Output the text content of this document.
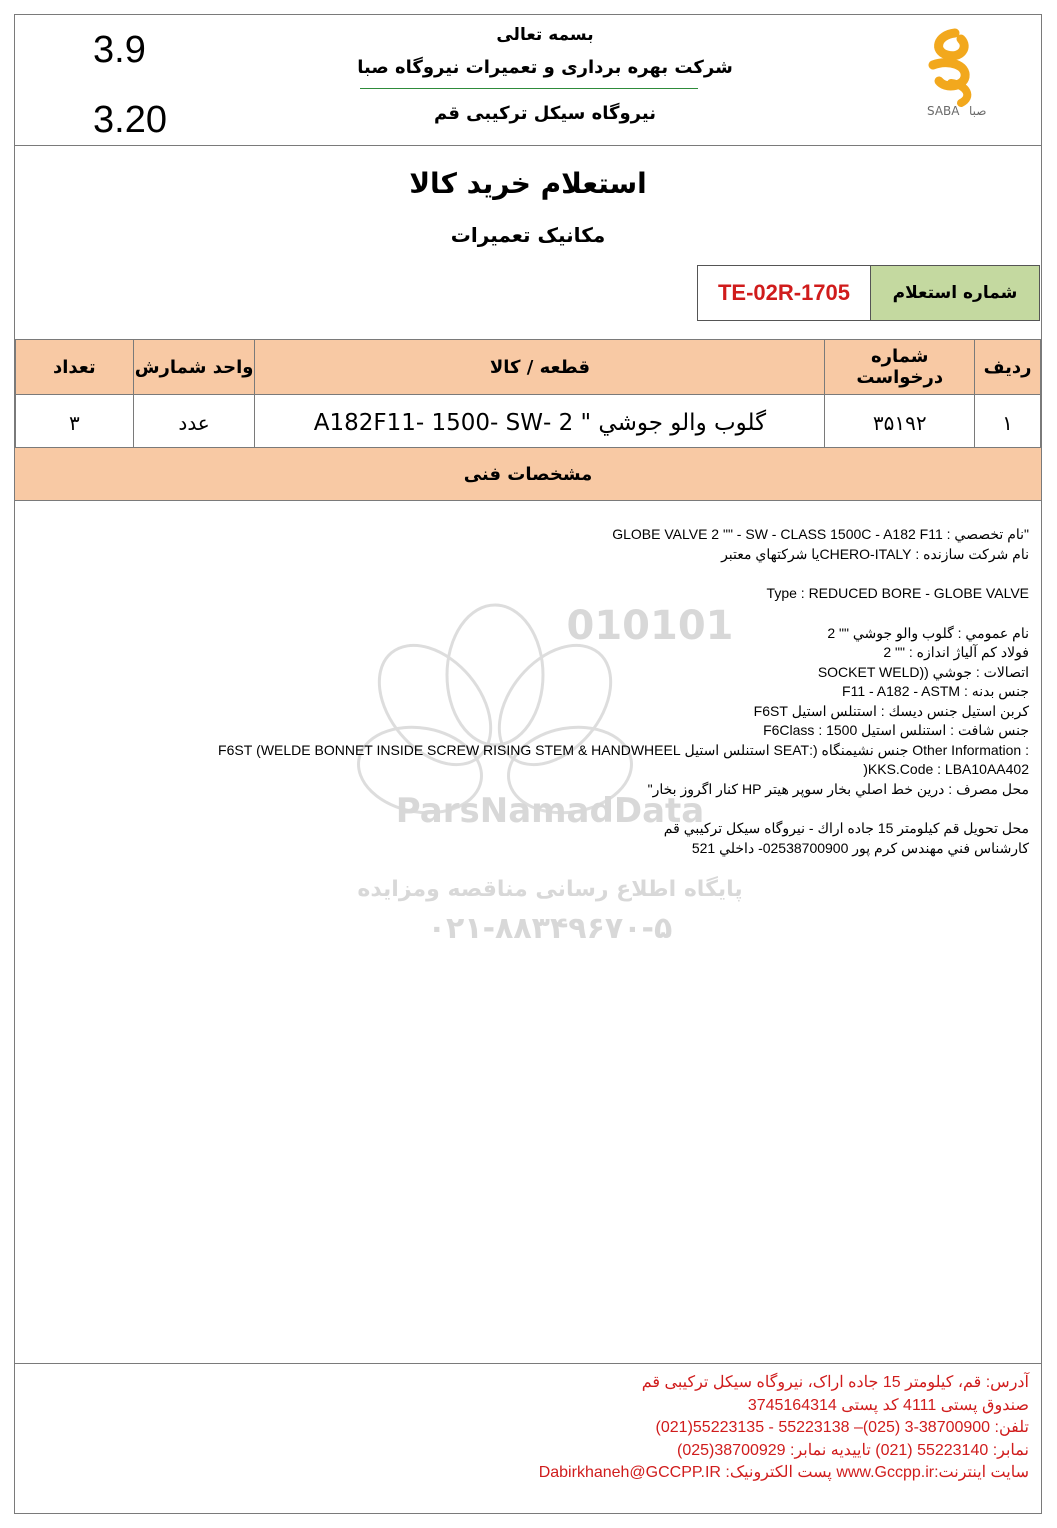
3.9
3.20
بسمه تعالی
شرکت بهره برداری و تعمیرات نیروگاه صبا
نیروگاه سیکل ترکیبی قم	SABA صبا
استعلام خرید کالا
مکانیک تعمیرات
TE-02R-1705	شماره استعلام
ردیف	شماره درخواست	قطعه / کالا	واحد شمارش	تعداد
۱	۳۵۱۹۲	گلوب والو جوشي " 2 -A182F11- 1500- SW	عدد	۳
مشخصات فنی
010101
ParsNamadData
پایگاه اطلاع رسانی مناقصه ومزایده
۰۲۱-۸۸۳۴۹۶۷۰-۵
"نام تخصصي : GLOBE VALVE 2 "" - SW - CLASS 1500C - A182 F11
نام شرکت سازنده : CHERO-ITALYيا شرکتهاي معتبر
Type : REDUCED BORE - GLOBE VALVE
نام عمومي : گلوب والو جوشي "" 2
فولاد کم آلياژ اندازه : "" 2
اتصالات : جوشي ((SOCKET WELD
جنس بدنه : F11 - A182 - ASTM
کربن استيل جنس ديسك : استنلس استيل F6ST
جنس شافت : استنلس استيل 1500 : F6Class
: Other Information جنس نشيمنگاه (:SEAT استنلس استيل WELDE BONNET INSIDE SCREW RISING STEM & HANDWHEEL) F6ST
KKS.Code : LBA10AA402(
محل مصرف : درين خط اصلي بخار سوپر هيتر HP کنار اگروز بخار"
محل تحويل قم کيلومتر 15 جاده اراك - نيروگاه سيکل ترکيبي قم
كارشناس فني مهندس کرم پور 02538700900- داخلي 521
آدرس: قم، کیلومتر 15 جاده اراک، نیروگاه سیکل ترکیبی قم
صندوق پستی 4111 کد پستی 3745164314
تلفن: 38700900-3 (025)– 55223138 - 55223135(021)
نمابر: 55223140 (021) تاییدیه نمابر: 38700929(025)
سایت اینترنت:www.Gccpp.ir پست الکترونیک: Dabirkhaneh@GCCPP.IR
